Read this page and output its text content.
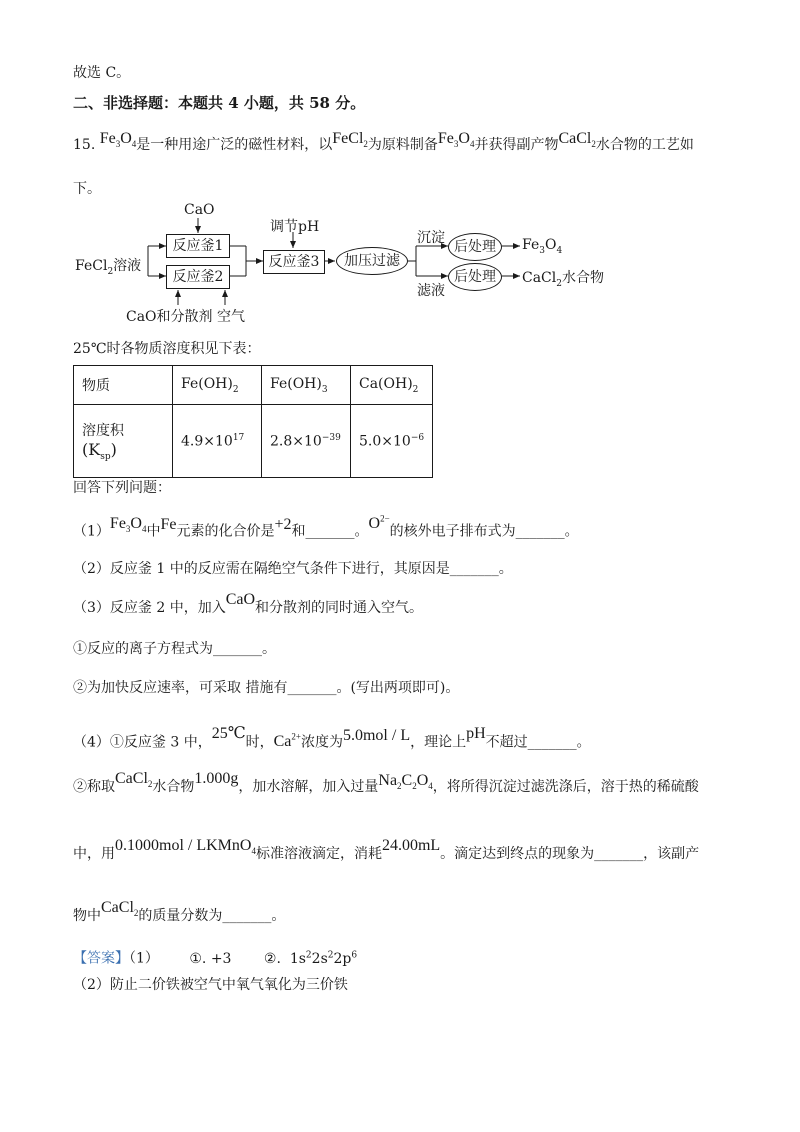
故选 C。
二、非选择题：本题共 4 小题，共 58 分。
15. $Fe_3O_4$是一种用途广泛的磁性材料，以FeCl$_2$为原料制备$Fe_3O_4$并获得副产物CaCl$_2$水合物的工艺如
下。
FeCl$_2$溶液
CaO
反应釜1
反应釜2
CaO和分散剂 空气
调节pH
反应釜3	加压过滤
沉淀
滤液
后处理
后处理
$Fe_3O_4$
CaCl$_2$水合物
25℃时各物质溶度积见下表：
物质	$Fe(OH)_2$	$Fe(OH)_3$	$Ca(OH)_2$

溶度积
$(K_{sp})$	$4.9\times 10^{17}$	$2.8\times 10^{-39}$	$5.0\times 10^{-6}$
回答下列问题：
$(1)Fe_3O_4$中Fe元素的化合价是+2和_______。$O^{2-}$的核外电子排布式为_______。
（2）反应釜 1 中的反应需在隔绝空气条件下进行，其原因是_______。
（3）反应釜 2 中，加入CaO和分散剂的同时通入空气。
①反应的离子方程式为_______。
②为加快反应速率，可采取 措施有_______。(写出两项即可)。
（4）①反应釜 3 中，25℃时，$Ca^{2+}$浓度为5.0mol / L，理论上pH不超过_______。
②称取CaCl$_2$水合物1.000g，加水溶解，加入过量$Na_2C_2O_4$，将所得沉淀过滤洗涤后，溶于热的稀硫酸
中，用0.1000mol / LKMnO$_4$标准溶液滴定，消耗24.00mL。滴定达到终点的现象为_______，该副产
物中CaCl$_2$的质量分数为_______。
【答案】（1） ①. +3 ②.  $1s^22s^22p^6$
（2）防止二价铁被空气中氧气氧化为三价铁
